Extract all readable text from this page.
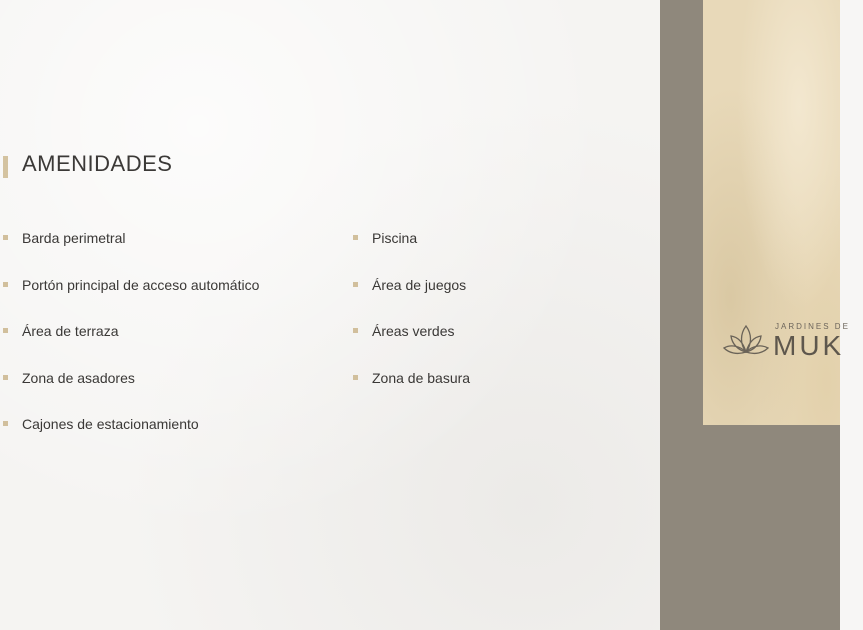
AMENIDADES
Barda perimetral
Portón principal de acceso automático
Área de terraza
Zona de asadores
Cajones de estacionamiento
Piscina
Área de juegos
Áreas verdes
Zona de basura
JARDINES DE
MUK
